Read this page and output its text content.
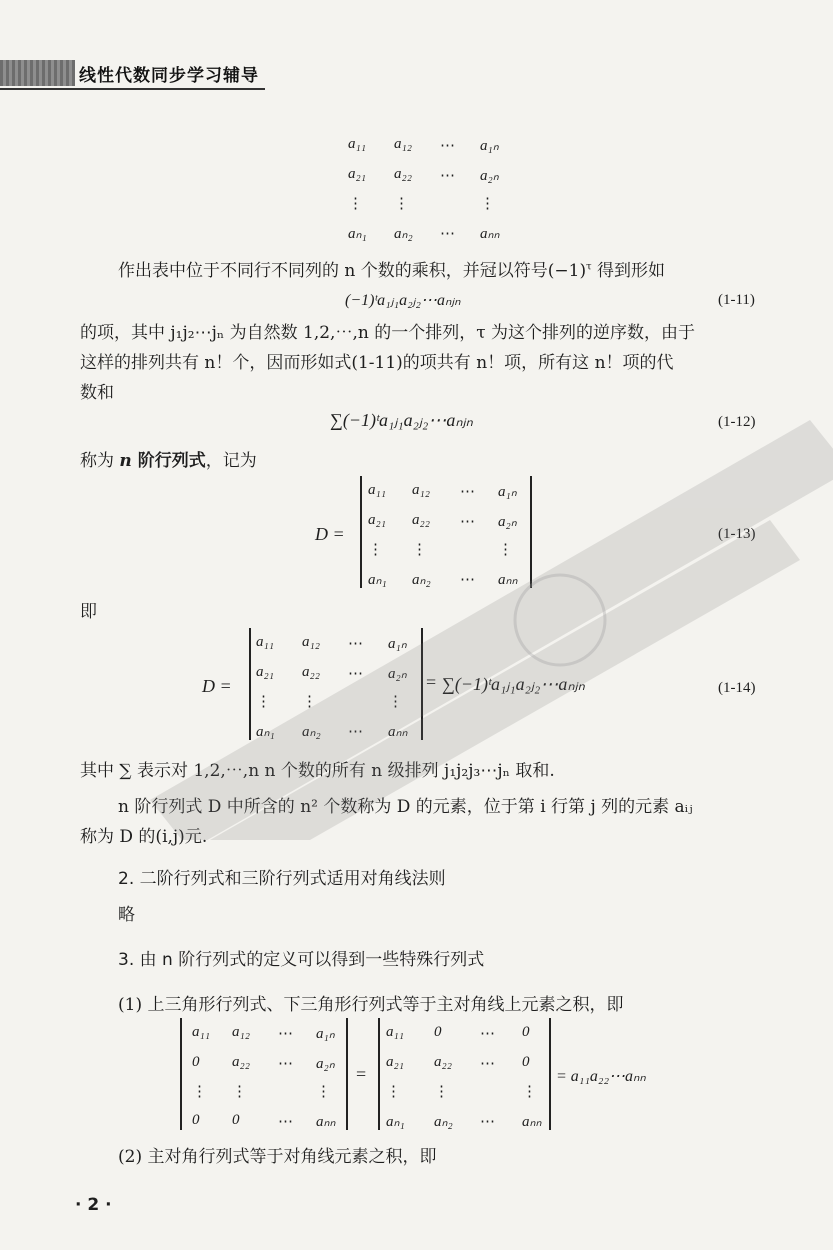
线性代数同步学习辅导
a₁₁ a₁₂ ⋯ a₁ₙ
a₂₁ a₂₂ ⋯ a₂ₙ
⋮ ⋮	⋮
aₙ₁ aₙ₂ ⋯ aₙₙ
作出表中位于不同行不同列的 n 个数的乘积，并冠以符号$(-1)^\tau$ 得到形如
(−1)ᵗa₁ⱼ₁a₂ⱼ₂⋯aₙⱼₙ	(1-11)
的项，其中 j₁j₂⋯jₙ 为自然数 1,2,⋯,n 的一个排列，τ 为这个排列的逆序数，由于
这样的排列共有 n！个，因而形如式(1-11)的项共有 n！项，所有这 n！项的代
数和
∑(−1)ᵗa₁ⱼ₁a₂ⱼ₂⋯aₙⱼₙ	(1-12)
称为 n 阶行列式，记为
D =
a₁₁ a₁₂ ⋯ a₁ₙ
a₂₁ a₂₂ ⋯ a₂ₙ
⋮ ⋮	⋮
aₙ₁ aₙ₂ ⋯ aₙₙ
(1-13)
即
D =
a₁₁ a₁₂ ⋯ a₁ₙ
a₂₁ a₂₂ ⋯ a₂ₙ
⋮ ⋮	⋮
aₙ₁ aₙ₂ ⋯ aₙₙ
= ∑(−1)ᵗa₁ⱼ₁a₂ⱼ₂⋯aₙⱼₙ	(1-14)
其中 ∑ 表示对 1,2,⋯,n n 个数的所有 n 级排列 j₁j₂j₃⋯jₙ 取和.
n 阶行列式 D 中所含的 n² 个数称为 D 的元素，位于第 i 行第 j 列的元素 aᵢⱼ
称为 D 的(i,j)元.
2. 二阶行列式和三阶行列式适用对角线法则
略
3. 由 n 阶行列式的定义可以得到一些特殊行列式
(1) 上三角形行列式、下三角形行列式等于主对角线上元素之积，即
a₁₁ a₁₂ ⋯ a₁ₙ
0 a₂₂ ⋯ a₂ₙ
⋮ ⋮	⋮
0 0	⋯ aₙₙ
=
a₁₁ 0	⋯ 0
a₂₁ a₂₂ ⋯ 0
⋮ ⋮	⋮
aₙ₁ aₙ₂ ⋯ aₙₙ
= a₁₁a₂₂⋯aₙₙ
(2) 主对角行列式等于对角线元素之积，即
· 2 ·
